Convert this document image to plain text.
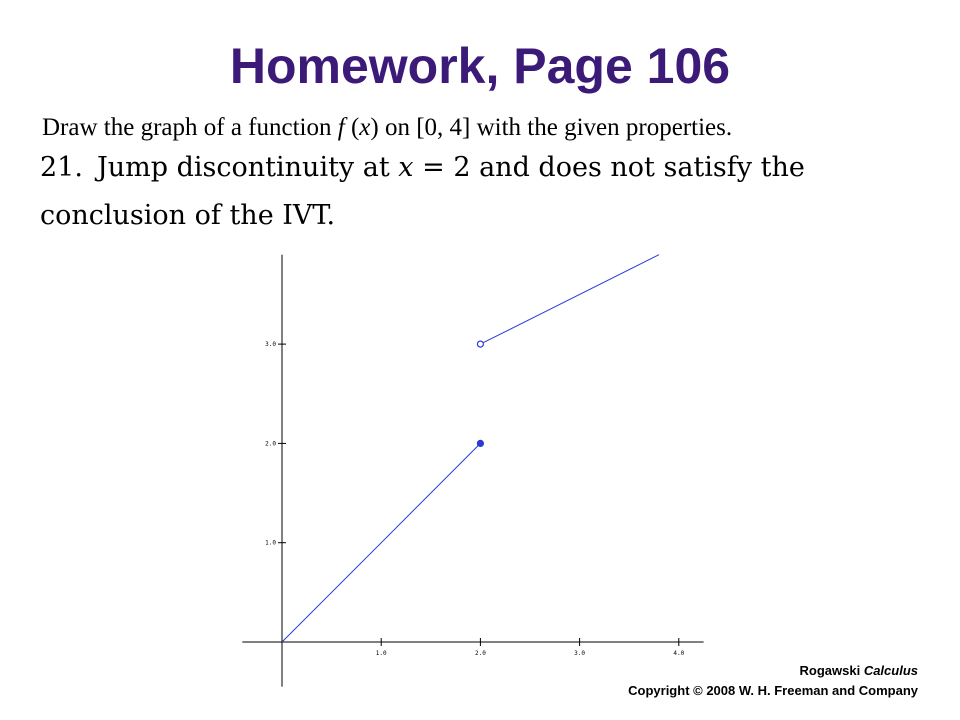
Homework, Page 106
Draw the graph of a function f (x) on [0, 4] with the given properties.
21. Jump discontinuity at x = 2 and does not satisfy the
conclusion of the IVT.
1.0	2.0	3.0	4.0
1.0
2.0
3.0
Rogawski Calculus
Copyright © 2008 W. H. Freeman and Company
